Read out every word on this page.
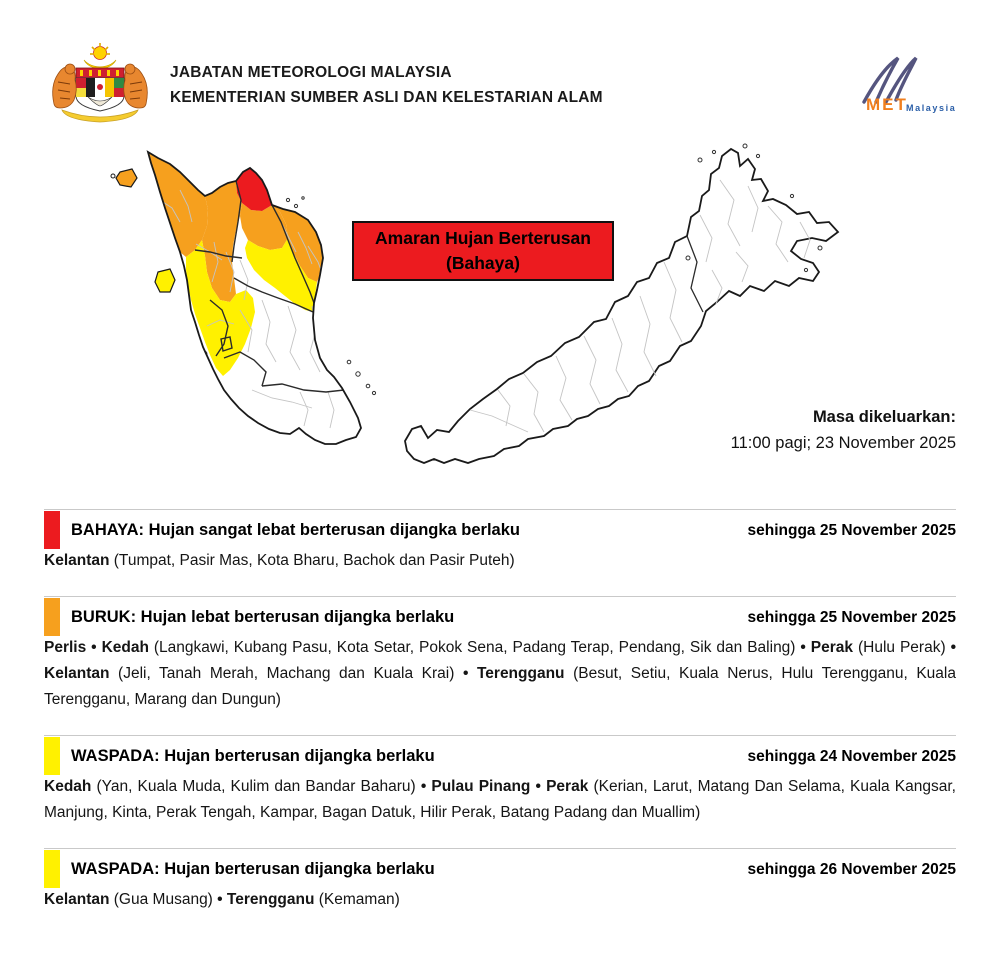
JABATAN METEOROLOGI MALAYSIA
KEMENTERIAN SUMBER ASLI DAN KELESTARIAN ALAM	MET
Malaysia
Amaran Hujan Berterusan
(Bahaya)
Masa dikeluarkan:
11:00 pagi; 23 November 2025
BAHAYA: Hujan sangat lebat berterusan dijangka berlaku	sehingga 25 November 2025

Kelantan (Tumpat, Pasir Mas, Kota Bharu, Bachok dan Pasir Puteh)

BURUK: Hujan lebat berterusan dijangka berlaku	sehingga 25 November 2025

Perlis • Kedah (Langkawi, Kubang Pasu, Kota Setar, Pokok Sena, Padang Terap, Pendang, Sik dan Baling) • Perak (Hulu Perak) • Kelantan (Jeli, Tanah Merah, Machang dan Kuala Krai) • Terengganu (Besut, Setiu, Kuala Nerus, Hulu Terengganu, Kuala Terengganu, Marang dan Dungun)

WASPADA: Hujan berterusan dijangka berlaku	sehingga 24 November 2025

Kedah (Yan, Kuala Muda, Kulim dan Bandar Baharu) • Pulau Pinang • Perak (Kerian, Larut, Matang Dan Selama, Kuala Kangsar, Manjung, Kinta, Perak Tengah, Kampar, Bagan Datuk, Hilir Perak, Batang Padang dan Muallim)

WASPADA: Hujan berterusan dijangka berlaku	sehingga 26 November 2025

Kelantan (Gua Musang) • Terengganu (Kemaman)
